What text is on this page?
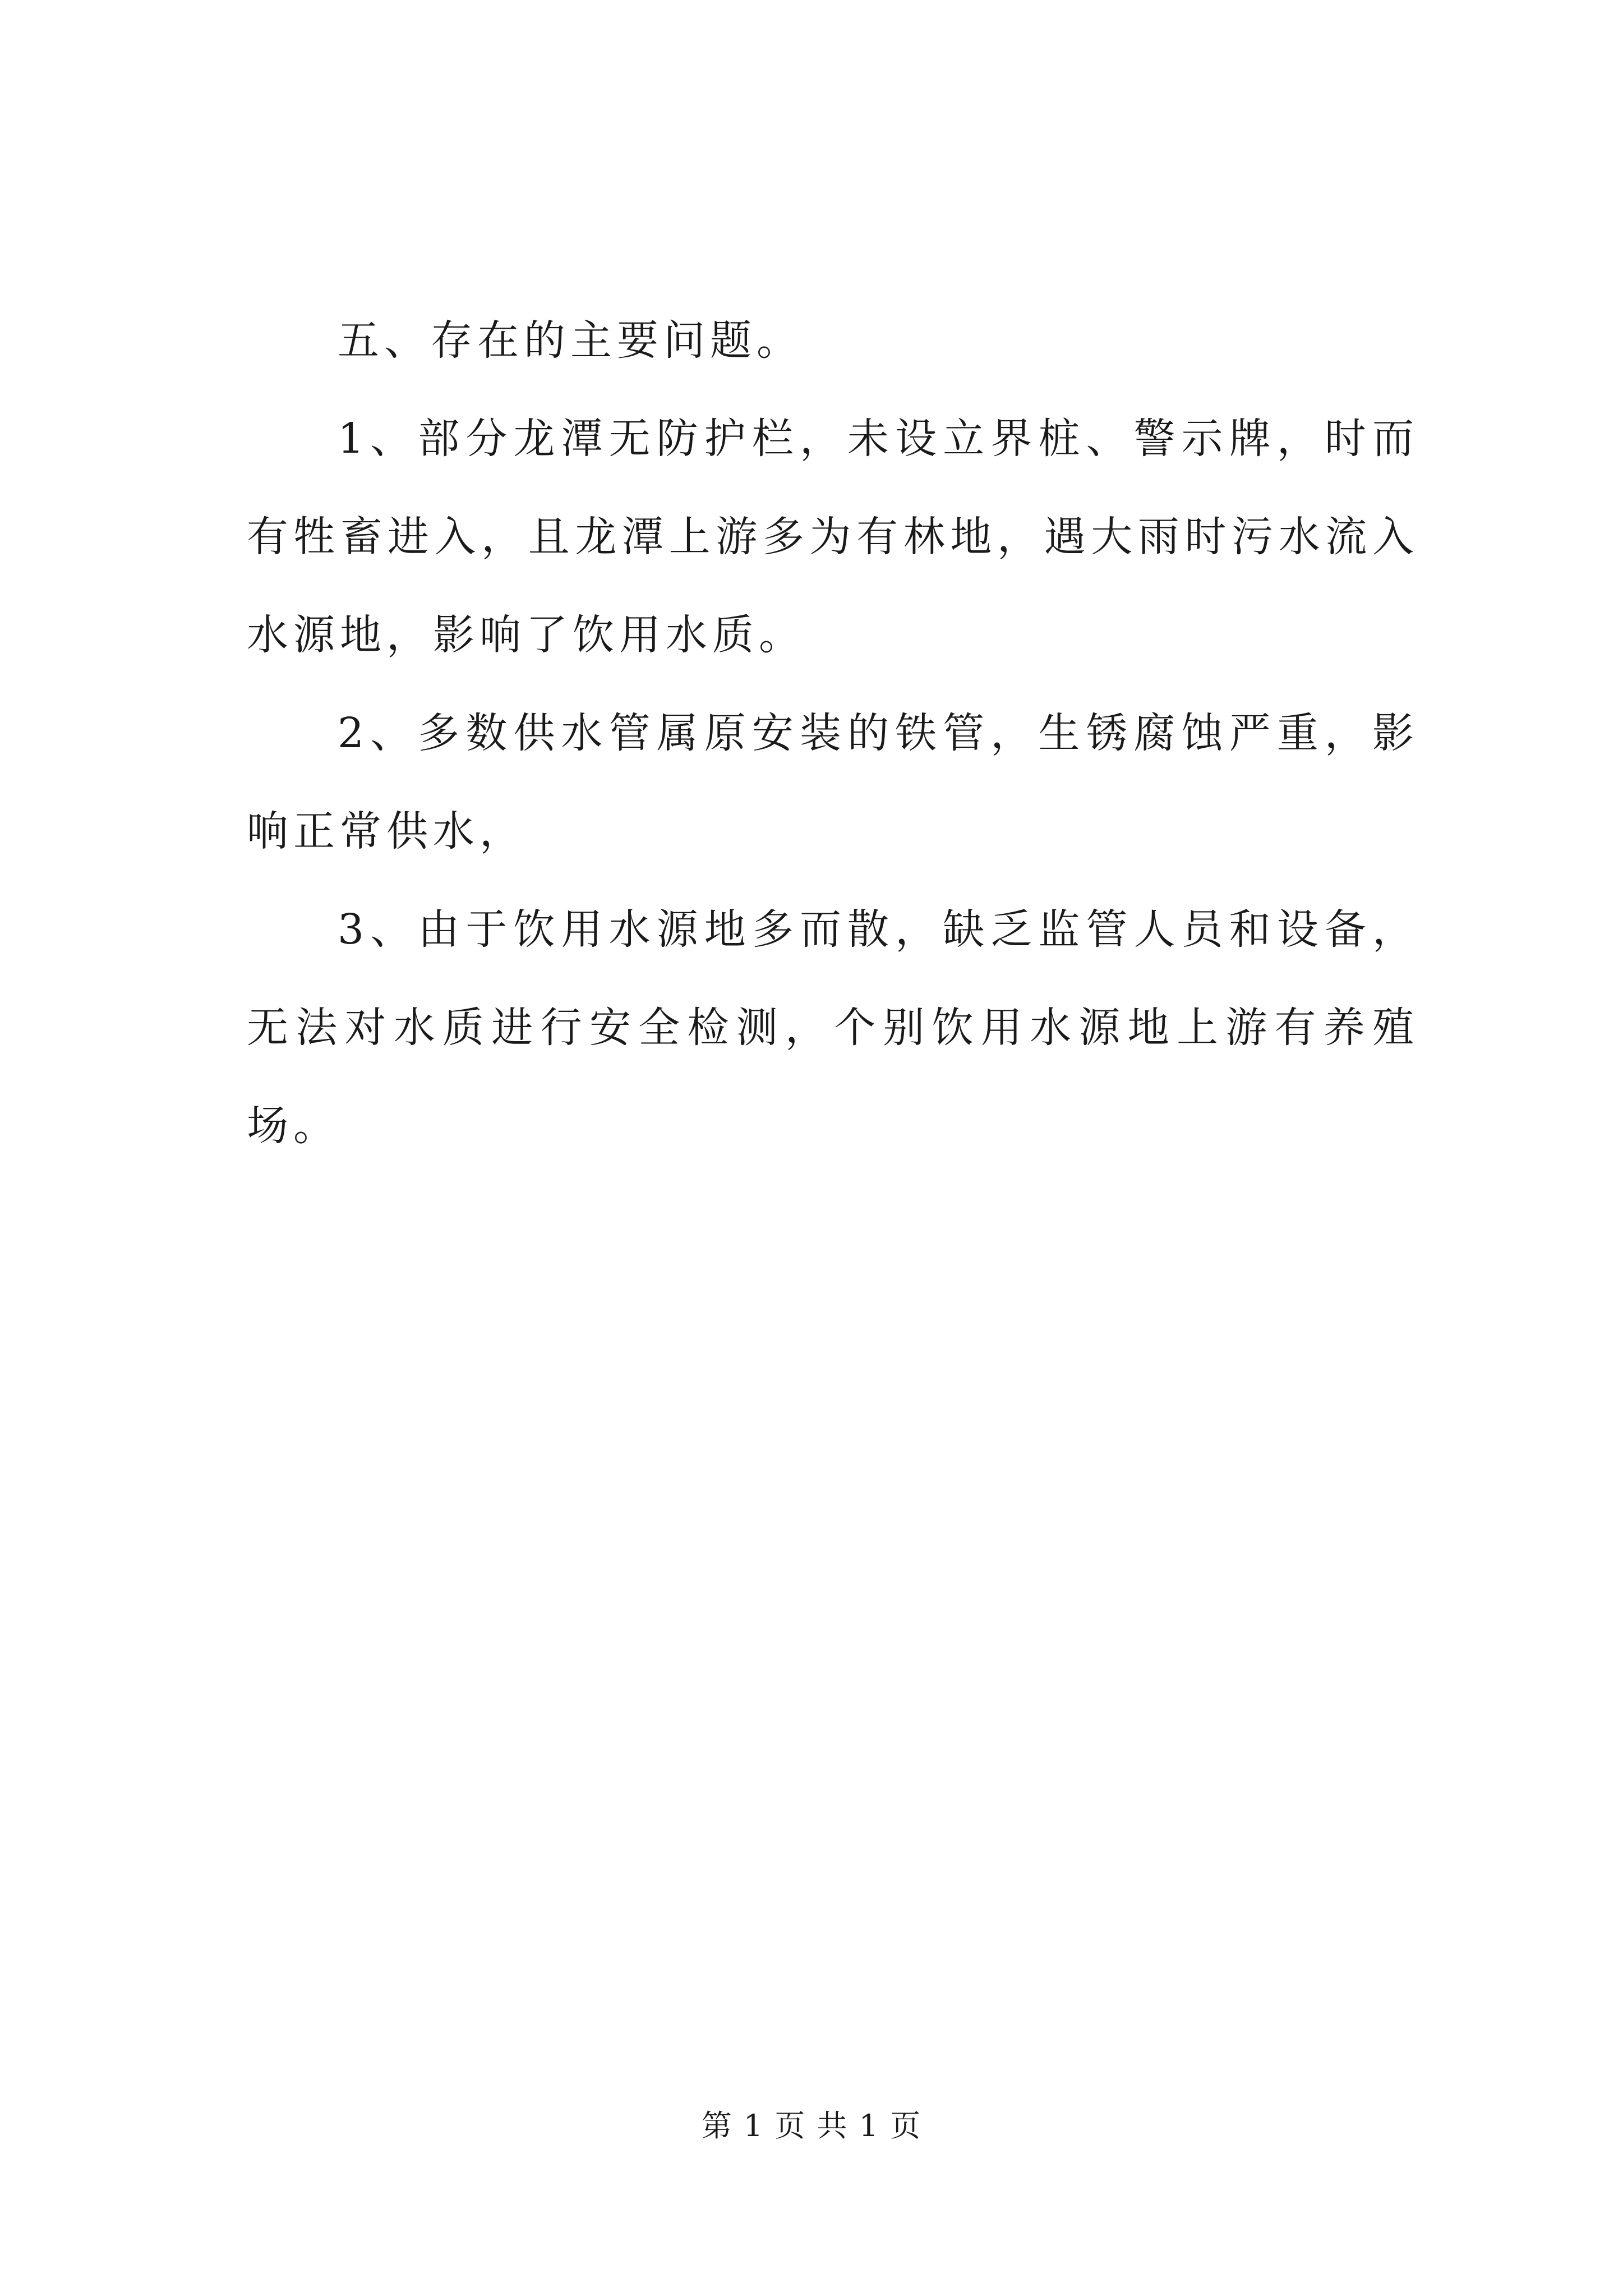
五、存在的主要问题。

1、部分龙潭无防护栏，未设立界桩、警示牌，时而有牲畜进入，且龙潭上游多为有林地，遇大雨时污水流入水源地，影响了饮用水质。

2、多数供水管属原安装的铁管，生锈腐蚀严重，影响正常供水，

3、由于饮用水源地多而散，缺乏监管人员和设备，无法对水质进行安全检测，个别饮用水源地上游有养殖场。

第 1 页 共 1 页
